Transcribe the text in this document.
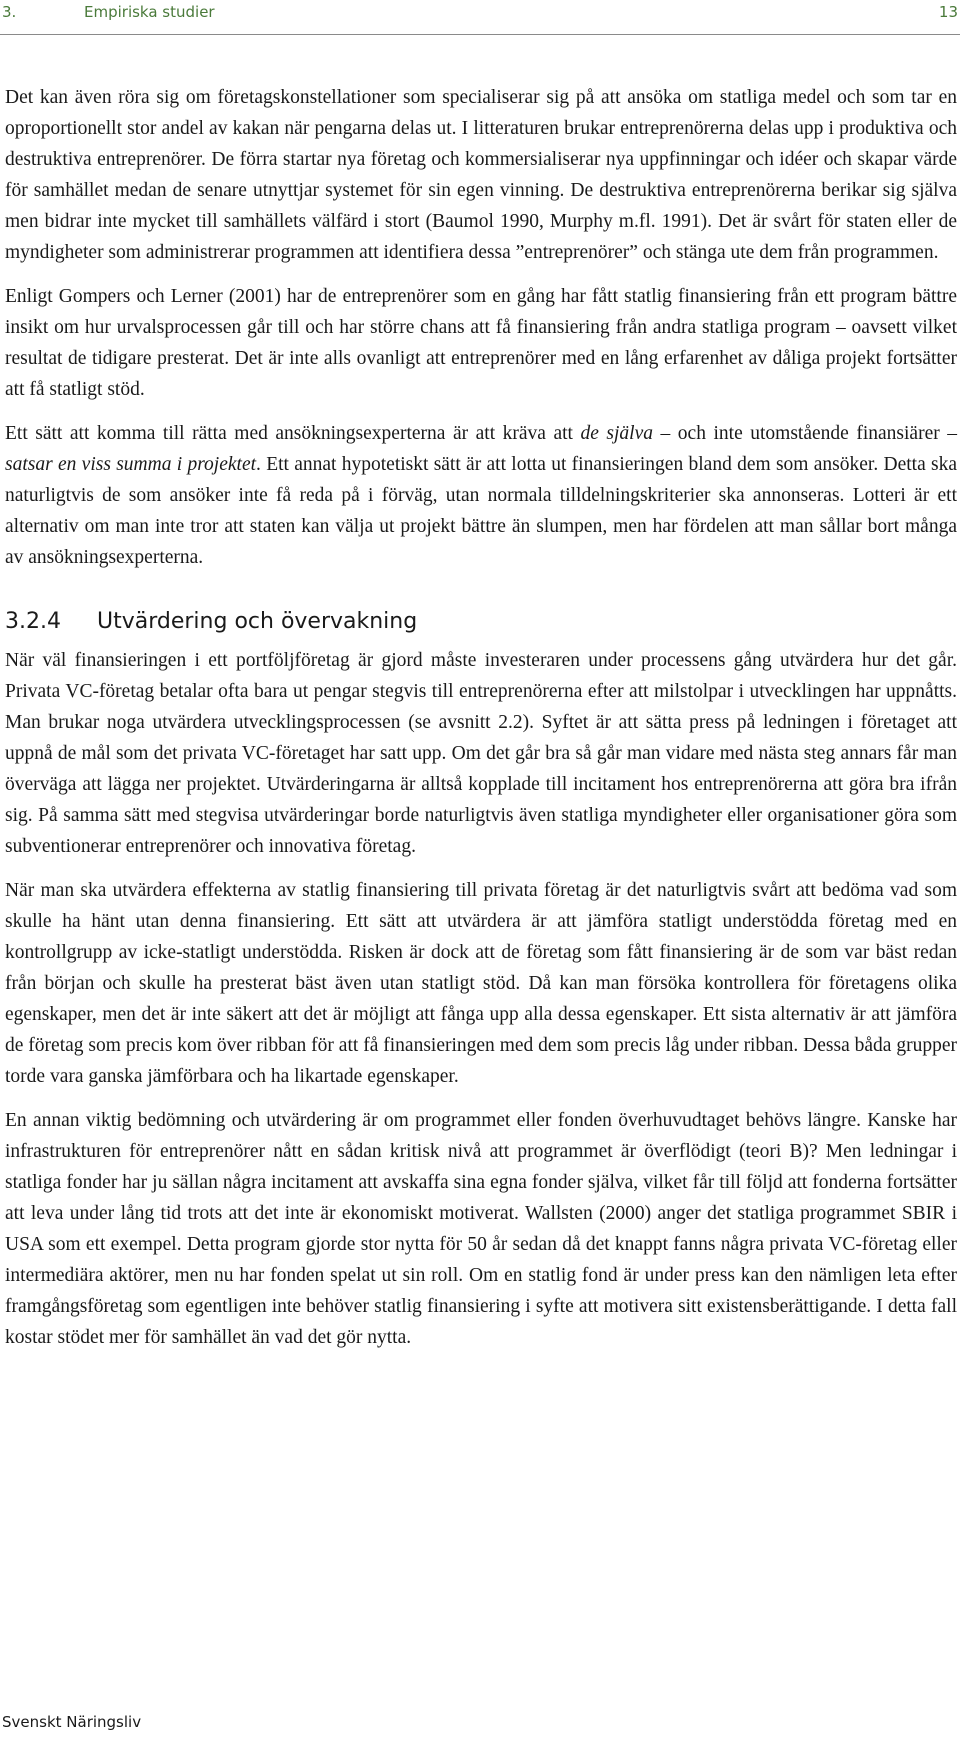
3.	Empiriska studier	13

Det kan även röra sig om företagskonstellationer som specialiserar sig på att ansöka om statliga medel och som tar en oproportionellt stor andel av kakan när pengarna delas ut. I litteraturen brukar entreprenörerna delas upp i produktiva och destruktiva entreprenörer. De förra startar nya företag och kommersialiserar nya uppfinningar och idéer och skapar värde för samhället medan de senare utnyttjar systemet för sin egen vinning. De destruktiva entreprenörerna berikar sig själva men bidrar inte mycket till samhällets välfärd i stort (Baumol 1990, Murphy m.fl. 1991). Det är svårt för staten eller de myndigheter som administrerar programmen att identifiera dessa ”entreprenörer” och stänga ute dem från programmen.

Enligt Gompers och Lerner (2001) har de entreprenörer som en gång har fått statlig finansiering från ett program bättre insikt om hur urvalsprocessen går till och har större chans att få finansiering från andra statliga program – oavsett vilket resultat de tidigare presterat. Det är inte alls ovanligt att entreprenörer med en lång erfarenhet av dåliga projekt fortsätter att få statligt stöd.

Ett sätt att komma till rätta med ansökningsexperterna är att kräva att de själva – och inte utomstående finansiärer – satsar en viss summa i projektet. Ett annat hypotetiskt sätt är att lotta ut finansieringen bland dem som ansöker. Detta ska naturligtvis de som ansöker inte få reda på i förväg, utan normala tilldelningskriterier ska annonseras. Lotteri är ett alternativ om man inte tror att staten kan välja ut projekt bättre än slumpen, men har fördelen att man sållar bort många av ansökningsexperterna.

3.2.4 Utvärdering och övervakning

När väl finansieringen i ett portföljföretag är gjord måste investeraren under processens gång utvärdera hur det går. Privata VC-företag betalar ofta bara ut pengar stegvis till entreprenörerna efter att milstolpar i utvecklingen har uppnåtts. Man brukar noga utvärdera utvecklingsprocessen (se avsnitt 2.2). Syftet är att sätta press på ledningen i företaget att uppnå de mål som det privata VC-företaget har satt upp. Om det går bra så går man vidare med nästa steg annars får man överväga att lägga ner projektet. Utvärderingarna är alltså kopplade till incitament hos entreprenörerna att göra bra ifrån sig. På samma sätt med stegvisa utvärderingar borde naturligtvis även statliga myndigheter eller organisationer göra som subventionerar entreprenörer och innovativa företag.

När man ska utvärdera effekterna av statlig finansiering till privata företag är det naturligtvis svårt att bedöma vad som skulle ha hänt utan denna finansiering. Ett sätt att utvärdera är att jämföra statligt understödda företag med en kontrollgrupp av icke-statligt understödda. Risken är dock att de företag som fått finansiering är de som var bäst redan från början och skulle ha presterat bäst även utan statligt stöd. Då kan man försöka kontrollera för företagens olika egenskaper, men det är inte säkert att det är möjligt att fånga upp alla dessa egenskaper. Ett sista alternativ är att jämföra de företag som precis kom över ribban för att få finansieringen med dem som precis låg under ribban. Dessa båda grupper torde vara ganska jämförbara och ha likartade egenskaper.

En annan viktig bedömning och utvärdering är om programmet eller fonden överhuvudtaget behövs längre. Kanske har infrastrukturen för entreprenörer nått en sådan kritisk nivå att programmet är överflödigt (teori B)? Men ledningar i statliga fonder har ju sällan några incitament att avskaffa sina egna fonder själva, vilket får till följd att fonderna fortsätter att leva under lång tid trots att det inte är ekonomiskt motiverat. Wallsten (2000) anger det statliga programmet SBIR i USA som ett exempel. Detta program gjorde stor nytta för 50 år sedan då det knappt fanns några privata VC-företag eller intermediära aktörer, men nu har fonden spelat ut sin roll. Om en statlig fond är under press kan den nämligen leta efter framgångsföretag som egentligen inte behöver statlig finansiering i syfte att motivera sitt existensberättigande. I detta fall kostar stödet mer för samhället än vad det gör nytta.

Svenskt Näringsliv
